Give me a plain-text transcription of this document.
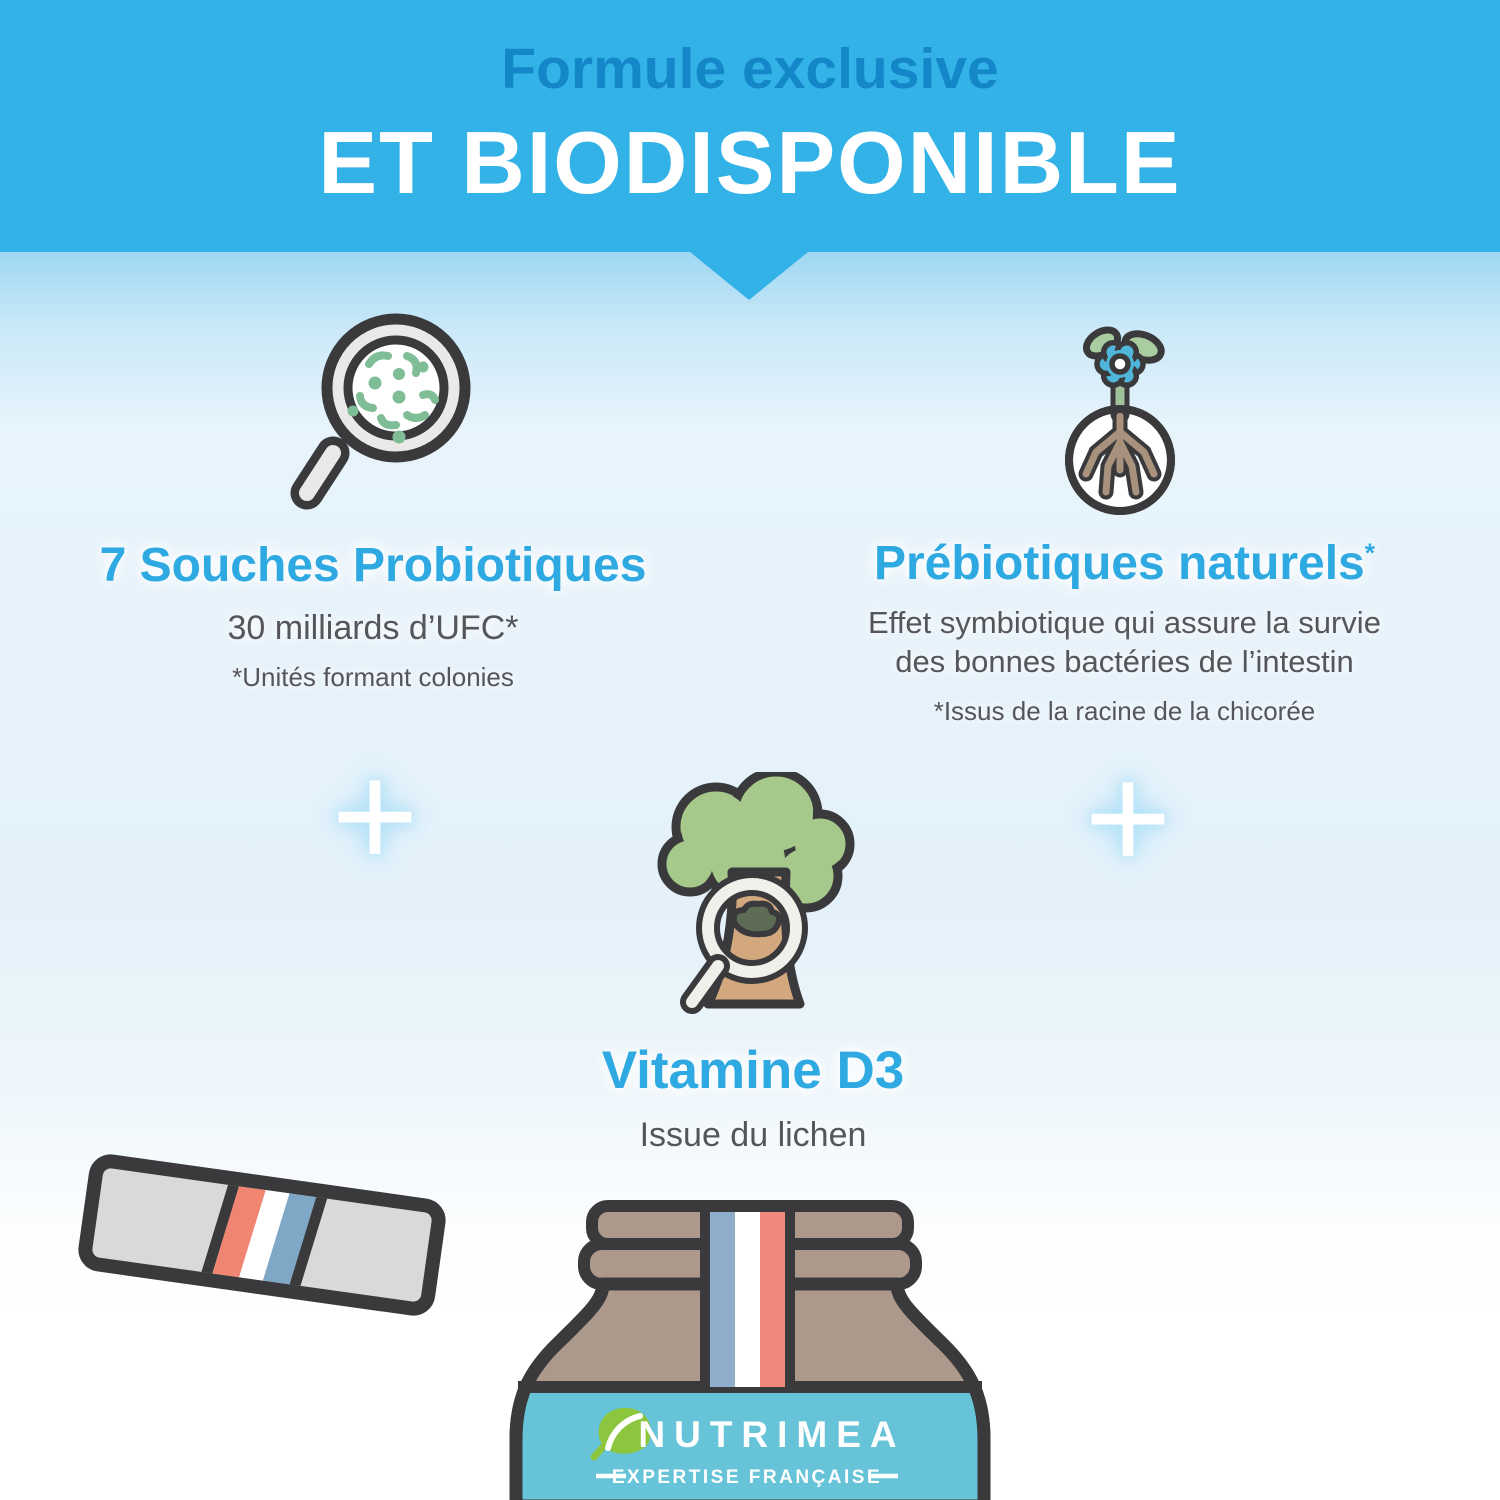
Formule exclusive
ET BIODISPONIBLE
7 Souches Probiotiques
30 milliards d’UFC*
*Unités formant colonies
Prébiotiques naturels*
Effet symbiotique qui assure la survie
des bonnes bactéries de l’intestin
*Issus de la racine de la chicorée
+	+
Vitamine D3
Issue du lichen
NUTRIMEA
EXPERTISE FRANÇAISE
